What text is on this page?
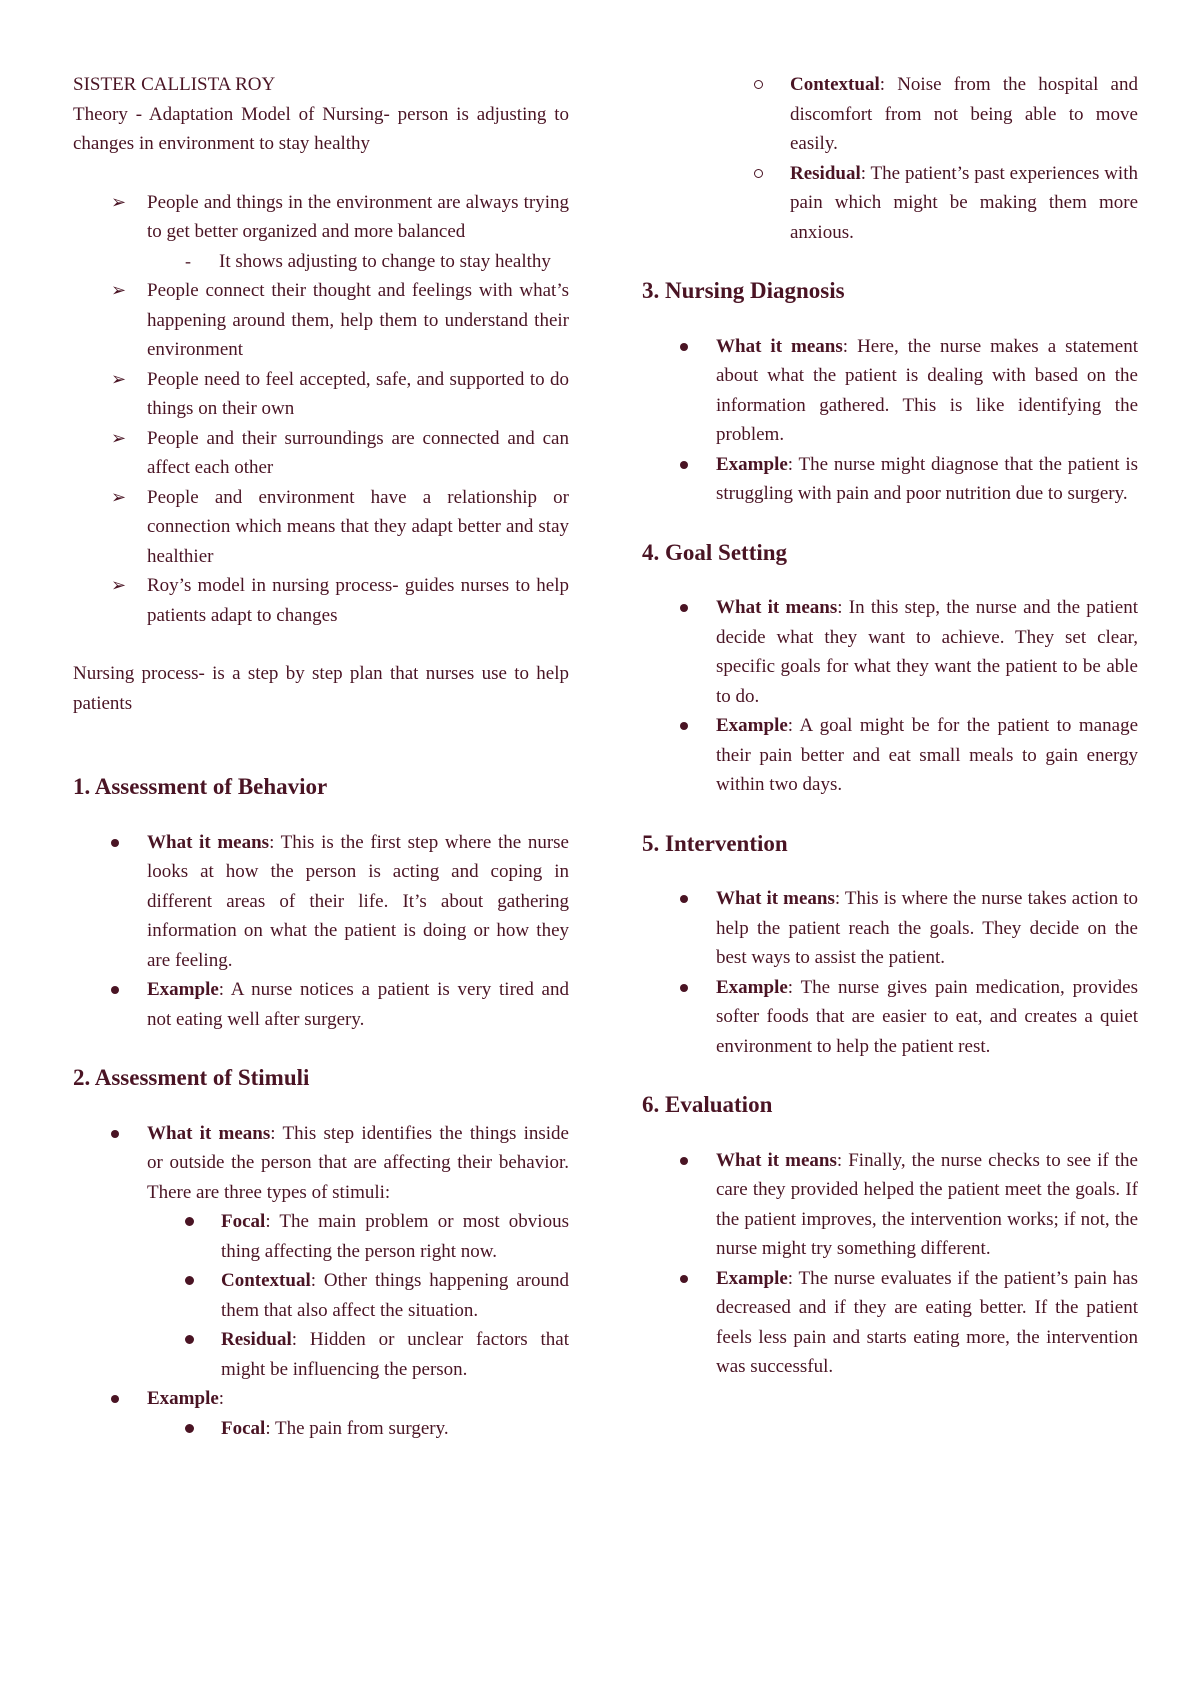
SISTER CALLISTA ROY

Theory - Adaptation Model of Nursing- person is adjusting to changes in environment to stay healthy

➢ People and things in the environment are always trying to get better organized and more balanced
- It shows adjusting to change to stay healthy
➢ People connect their thought and feelings with what’s happening around them, help them to understand their environment
➢ People need to feel accepted, safe, and supported to do things on their own
➢ People and their surroundings are connected and can affect each other
➢ People and environment have a relationship or connection which means that they adapt better and stay healthier
➢ Roy’s model in nursing process- guides nurses to help patients adapt to changes

Nursing process- is a step by step plan that nurses use to help patients

1. Assessment of Behavior
What it means: This is the first step where the nurse looks at how the person is acting and coping in different areas of their life. It’s about gathering information on what the patient is doing or how they are feeling.
Example: A nurse notices a patient is very tired and not eating well after surgery.
2. Assessment of Stimuli
What it means: This step identifies the things inside or outside the person that are affecting their behavior. There are three types of stimuli:
Focal: The main problem or most obvious thing affecting the person right now.
Contextual: Other things happening around them that also affect the situation.
Residual: Hidden or unclear factors that might be influencing the person.
Example:
Focal: The pain from surgery.
Contextual: Noise from the hospital and discomfort from not being able to move easily.
Residual: The patient’s past experiences with pain which might be making them more anxious.
3. Nursing Diagnosis
What it means: Here, the nurse makes a statement about what the patient is dealing with based on the information gathered. This is like identifying the problem.
Example: The nurse might diagnose that the patient is struggling with pain and poor nutrition due to surgery.
4. Goal Setting
What it means: In this step, the nurse and the patient decide what they want to achieve. They set clear, specific goals for what they want the patient to be able to do.
Example: A goal might be for the patient to manage their pain better and eat small meals to gain energy within two days.
5. Intervention
What it means: This is where the nurse takes action to help the patient reach the goals. They decide on the best ways to assist the patient.
Example: The nurse gives pain medication, provides softer foods that are easier to eat, and creates a quiet environment to help the patient rest.
6. Evaluation
What it means: Finally, the nurse checks to see if the care they provided helped the patient meet the goals. If the patient improves, the intervention works; if not, the nurse might try something different.
Example: The nurse evaluates if the patient’s pain has decreased and if they are eating better. If the patient feels less pain and starts eating more, the intervention was successful.
